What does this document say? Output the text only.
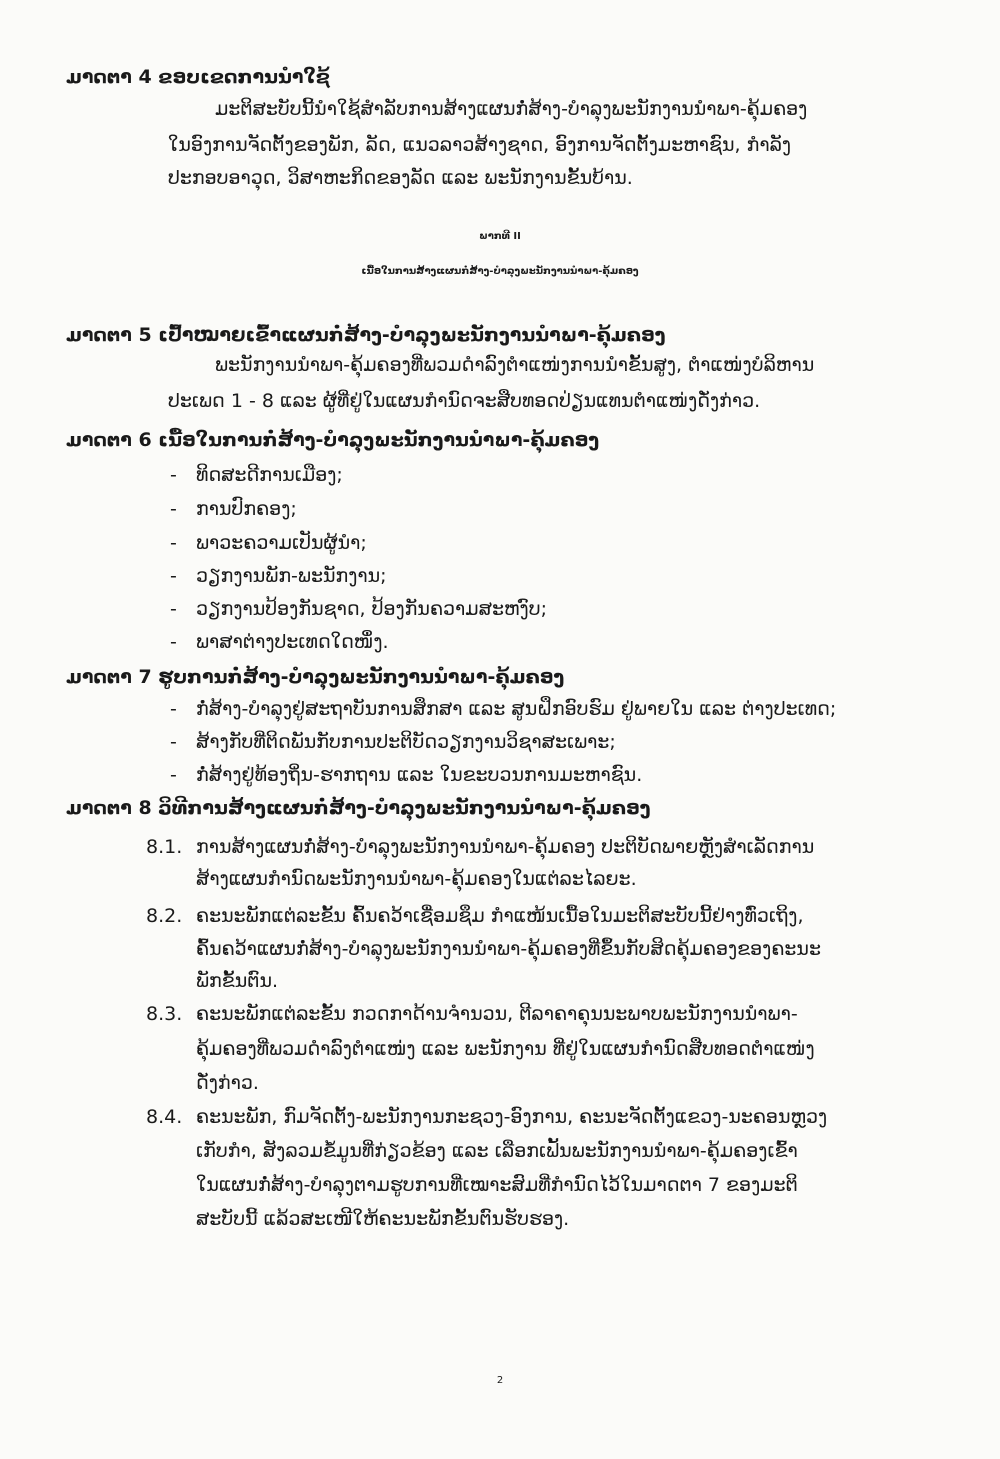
ມາດຕາ 4 ຂອບເຂດການນຳໃຊ້
ມະຕິສະບັບນີ້ນຳໃຊ້ສຳລັບການສ້າງແຜນກໍ່ສ້າງ-ບຳລຸງພະນັກງານນຳພາ-ຄຸ້ມຄອງ
ໃນອົງການຈັດຕັ້ງຂອງພັກ, ລັດ, ແນວລາວສ້າງຊາດ, ອົງການຈັດຕັ້ງມະຫາຊົນ, ກຳລັງ
ປະກອບອາວຸດ, ວິສາຫະກິດຂອງລັດ ແລະ ພະນັກງານຂັ້ນບ້ານ.
ພາກທີ II
ເນື້ອໃນການສ້າງແຜນກໍ່ສ້າງ-ບຳລຸງພະນັກງານນຳພາ-ຄຸ້ມຄອງ
ມາດຕາ 5 ເປົ້າໝາຍເຂົ້າແຜນກໍ່ສ້າງ-ບຳລຸງພະນັກງານນຳພາ-ຄຸ້ມຄອງ
ພະນັກງານນຳພາ-ຄຸ້ມຄອງທີ່ພວມດຳລົງຕຳແໜ່ງການນຳຂັ້ນສູງ, ຕຳແໜ່ງບໍລິຫານ
ປະເພດ 1 - 8 ແລະ ຜູ້ທີ່ຢູ່ໃນແຜນກຳນົດຈະສືບທອດປ່ຽນແທນຕຳແໜ່ງດັ່ງກ່າວ.
ມາດຕາ 6 ເນື້ອໃນການກໍ່ສ້າງ-ບຳລຸງພະນັກງານນຳພາ-ຄຸ້ມຄອງ
- ທິດສະດີການເມືອງ;
- ການປົກຄອງ;
- ພາວະຄວາມເປັນຜູ້ນຳ;
- ວຽກງານພັກ-ພະນັກງານ;
- ວຽກງານປ້ອງກັນຊາດ, ປ້ອງກັນຄວາມສະຫງົບ;
- ພາສາຕ່າງປະເທດໃດໜຶ່ງ.
ມາດຕາ 7 ຮູບການກໍ່ສ້າງ-ບຳລຸງພະນັກງານນຳພາ-ຄຸ້ມຄອງ
- ກໍ່ສ້າງ-ບຳລຸງຢູ່ສະຖາບັນການສຶກສາ ແລະ ສູນຝຶກອົບຮົມ ຢູ່ພາຍໃນ ແລະ ຕ່າງປະເທດ;
- ສ້າງກັບທີ່ຕິດພັນກັບການປະຕິບັດວຽກງານວິຊາສະເພາະ;
- ກໍ່ສ້າງຢູ່ທ້ອງຖິ່ນ-ຮາກຖານ ແລະ ໃນຂະບວນການມະຫາຊົນ.
ມາດຕາ 8 ວິທີການສ້າງແຜນກໍ່ສ້າງ-ບຳລຸງພະນັກງານນຳພາ-ຄຸ້ມຄອງ
8.1. ການສ້າງແຜນກໍ່ສ້າງ-ບຳລຸງພະນັກງານນຳພາ-ຄຸ້ມຄອງ ປະຕິບັດພາຍຫຼັງສຳເລັດການ
ສ້າງແຜນກຳນົດພະນັກງານນຳພາ-ຄຸ້ມຄອງໃນແຕ່ລະໄລຍະ.
8.2. ຄະນະພັກແຕ່ລະຂັ້ນ ຄົ້ນຄວ້າເຊື່ອມຊຶມ ກຳແໜ້ນເນື້ອໃນມະຕິສະບັບນີ້ຢ່າງທົ່ວເຖິງ,
ຄົ້ນຄວ້າແຜນກໍ່ສ້າງ-ບຳລຸງພະນັກງານນຳພາ-ຄຸ້ມຄອງທີ່ຂຶ້ນກັບສິດຄຸ້ມຄອງຂອງຄະນະ
ພັກຂັ້ນຕົນ.
8.3. ຄະນະພັກແຕ່ລະຂັ້ນ ກວດກາດ້ານຈຳນວນ, ຕີລາຄາຄຸນນະພາບພະນັກງານນຳພາ-
ຄຸ້ມຄອງທີ່ພວມດຳລົງຕຳແໜ່ງ ແລະ ພະນັກງານ ທີ່ຢູ່ໃນແຜນກຳນົດສືບທອດຕຳແໜ່ງ
ດັ່ງກ່າວ.
8.4. ຄະນະພັກ, ກົມຈັດຕັ້ງ-ພະນັກງານກະຊວງ-ອົງການ, ຄະນະຈັດຕັ້ງແຂວງ-ນະຄອນຫຼວງ
ເກັບກຳ, ສັງລວມຂໍ້ມູນທີ່ກ່ຽວຂ້ອງ ແລະ ເລືອກເຟັ້ນພະນັກງານນຳພາ-ຄຸ້ມຄອງເຂົ້າ
ໃນແຜນກໍ່ສ້າງ-ບຳລຸງຕາມຮູບການທີ່ເໝາະສົມທີ່ກຳນົດໄວ້ໃນມາດຕາ 7 ຂອງມະຕິ
ສະບັບນີ້ ແລ້ວສະເໜີໃຫ້ຄະນະພັກຂັ້ນຕົນຮັບຮອງ.
2
